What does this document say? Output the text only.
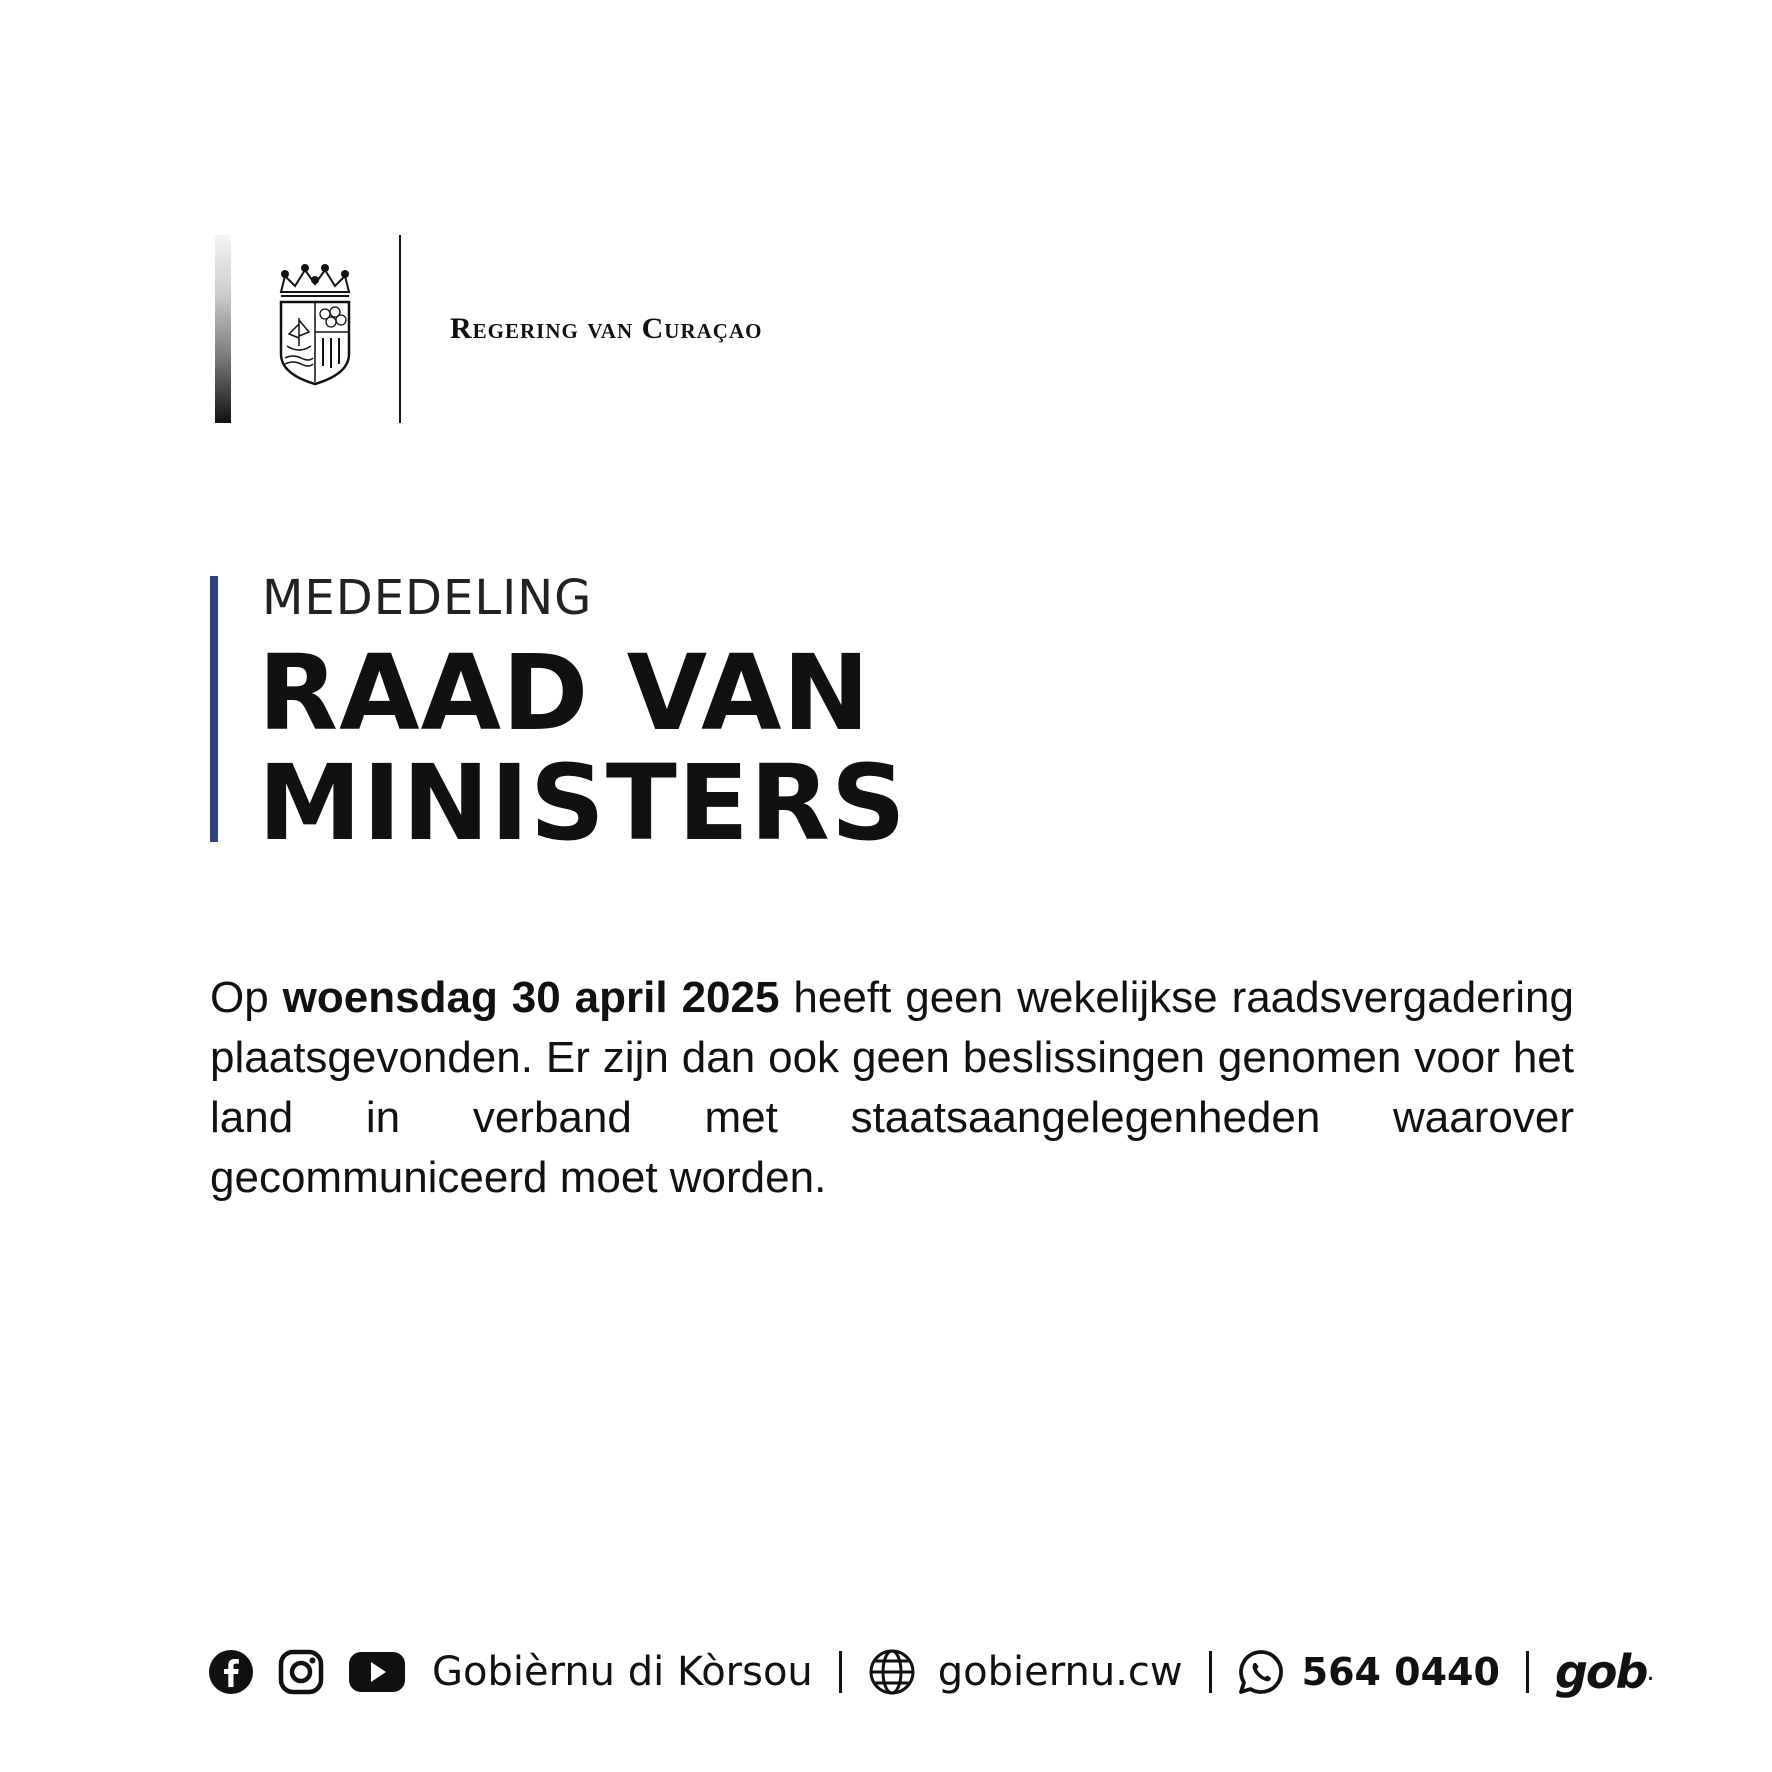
Regering van Curaçao
MEDEDELING
RAAD VAN
MINISTERS
Op woensdag 30 april 2025 heeft geen wekelijkse raadsvergadering plaatsgevonden. Er zijn dan ook geen beslissingen genomen voor het land in verband met staatsaangelegenheden waarover gecommuniceerd moet worden.
Gobièrnu di Kòrsou	gobiernu.cw	564 0440 gob .
